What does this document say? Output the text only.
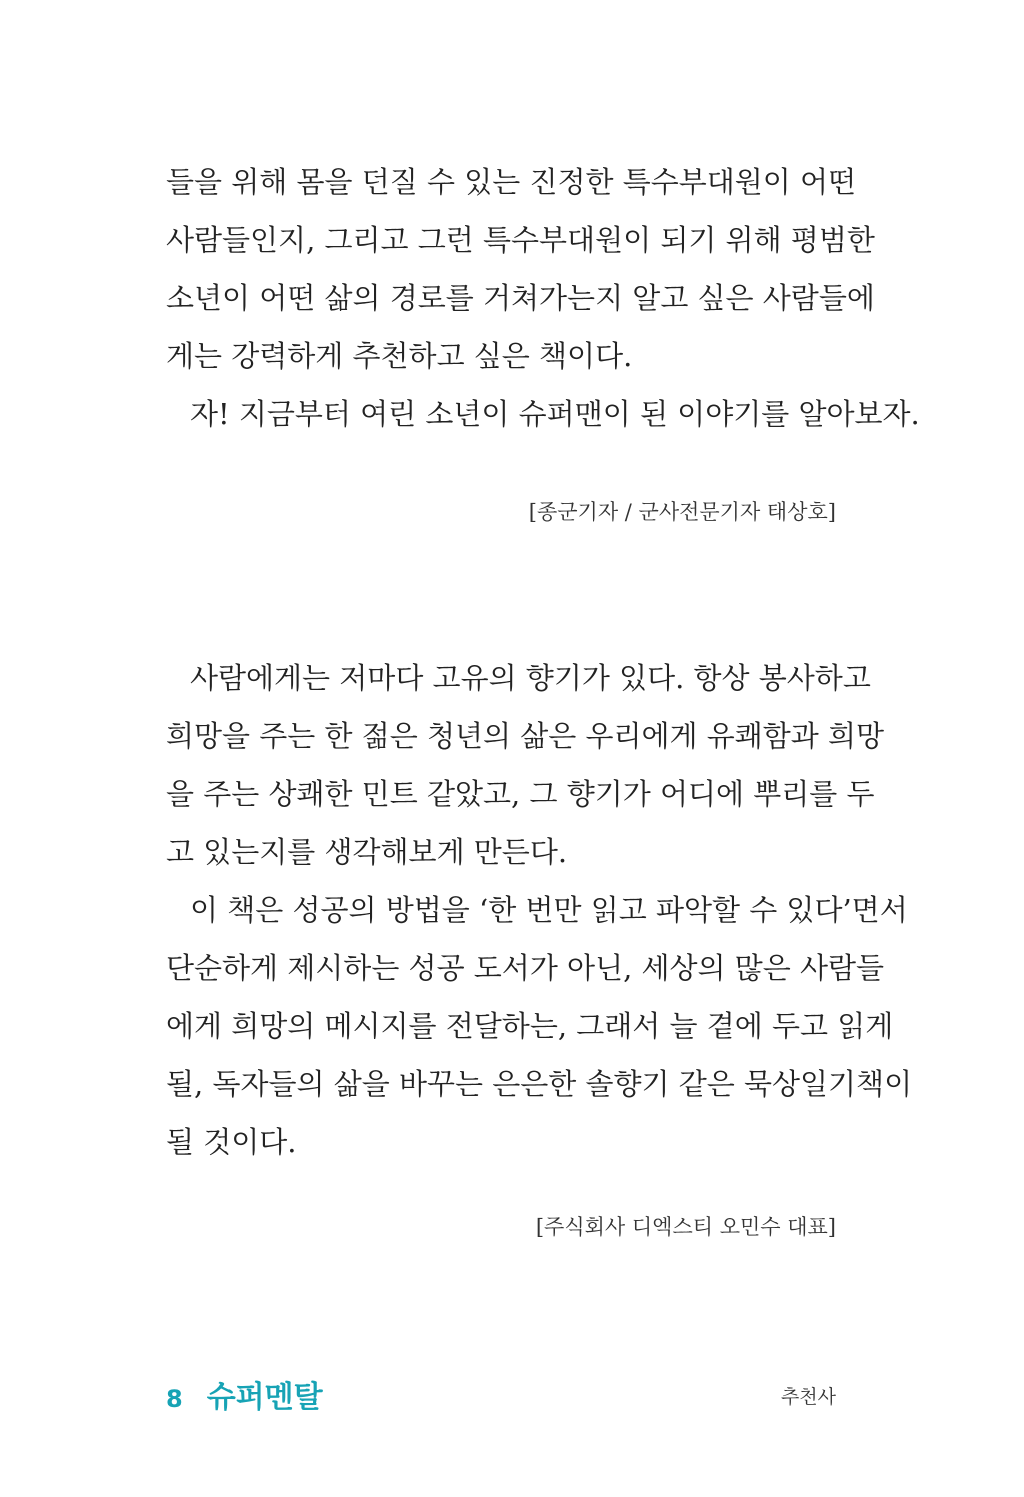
들을 위해 몸을 던질 수 있는 진정한 특수부대원이 어떤
사람들인지, 그리고 그런 특수부대원이 되기 위해 평범한
소년이 어떤 삶의 경로를 거쳐가는지 알고 싶은 사람들에
게는 강력하게 추천하고 싶은 책이다.
자! 지금부터 여린 소년이 슈퍼맨이 된 이야기를 알아보자.
[종군기자 / 군사전문기자 태상호]
사람에게는 저마다 고유의 향기가 있다. 항상 봉사하고
희망을 주는 한 젊은 청년의 삶은 우리에게 유쾌함과 희망
을 주는 상쾌한 민트 같았고, 그 향기가 어디에 뿌리를 두
고 있는지를 생각해보게 만든다.
이 책은 성공의 방법을 ‘한 번만 읽고 파악할 수 있다’면서
단순하게 제시하는 성공 도서가 아닌, 세상의 많은 사람들
에게 희망의 메시지를 전달하는, 그래서 늘 곁에 두고 읽게
될, 독자들의 삶을 바꾸는 은은한 솔향기 같은 묵상일기책이
될 것이다.
[주식회사 디엑스티 오민수 대표]
8 슈퍼멘탈	추천사
